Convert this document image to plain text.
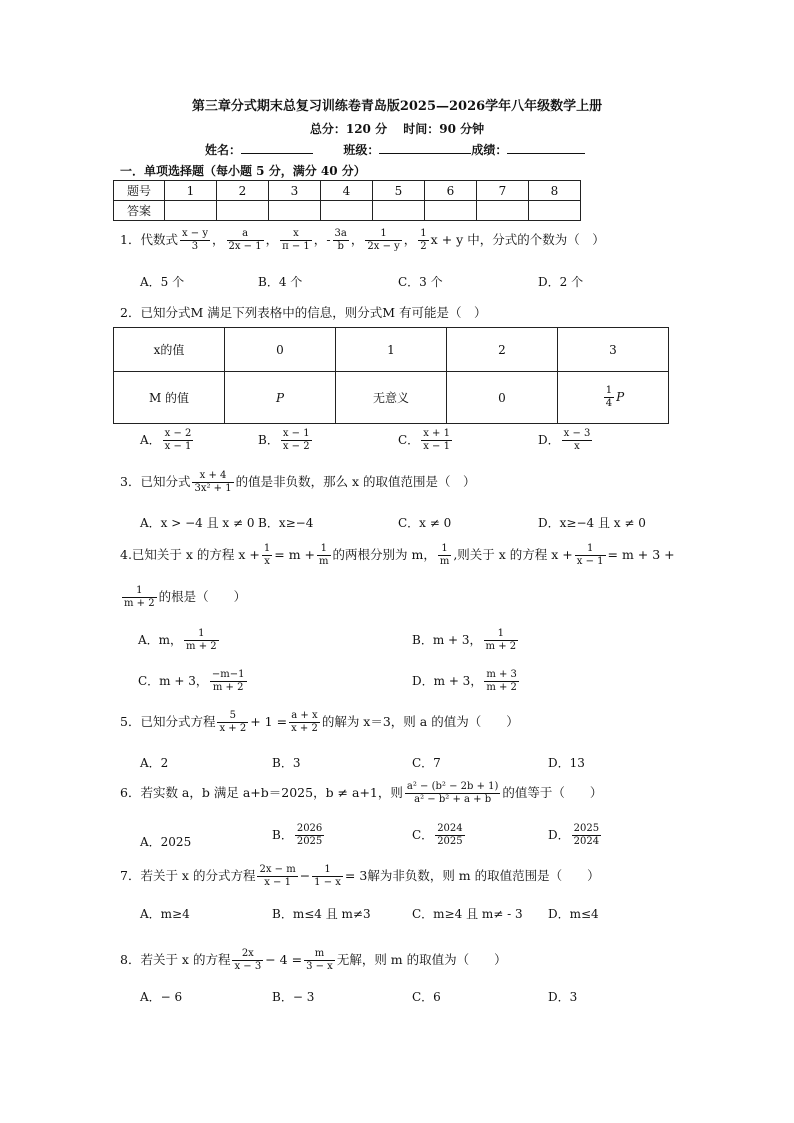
第三章分式期末总复习训练卷青岛版2025—2026学年八年级数学上册
总分：120 分　 时间：90 分钟
姓名：	班级：	成绩：
一．单项选择题（每小题 5 分，满分 40 分）
题号	1	2	3	4	5	6	7	8
答案								
1．代数式 $\frac{x - y}{3}$ ， $\frac{a}{2x - 1}$ ， $\frac{x}{\pi - 1}$ ，- $\frac{3a}{b}$ ， $\frac{1}{2x - y}$ ， $\frac{1}{2}$ x + y 中，分式的个数为（　）
A．5 个	B．4 个	C．3 个	D．2 个
2．已知分式M 满足下列表格中的信息，则分式M 有可能是（　）
x的值	0	1	2	3
M 的值	P	无意义	0	$\frac{1}{4}$ P
A． $\frac{x - 2}{x - 1}$	B． $\frac{x - 1}{x - 2}$	C． $\frac{x + 1}{x - 1}$	D． $\frac{x - 3}{x}$
3．已知分式 $\frac{x + 4}{\text{3x² + 1}}$ 的值是非负数，那么 x 的取值范围是（　）
A．x > −4 且 x ≠ 0 B．x≥−4	C．x ≠ 0	D．x≥−4 且 x ≠ 0
4.已知关于 x 的方程 $x + \frac{1}{x} = m + \frac{1}{m}$ 的两根分别为 m， $\frac{1}{m}$ ,则关于 x 的方程 $x + \frac{1}{x - 1} = m + 3$ +
$\frac{1}{m + 2}$ 的根是（　　）
A．m， $\frac{1}{m + 2}$	B．m + 3， $\frac{1}{m + 2}$
C．m + 3， $\frac{-m-1}{m + 2}$	D．m + 3， $\frac{m + 3}{m + 2}$
5．已知分式方程 $\frac{5}{x + 2} + 1 = \frac{a + x}{x + 2}$ 的解为 x＝3，则 a 的值为（　　）
A．2	B．3	C．7	D．13
6．若实数 a，b 满足 a+b＝2025，b ≠ a+1，则 $\frac{\text{a² − (b² − 2b + 1)}}{\text{a² − b² + a + b}}$ 的值等于（　　）
A．2025	B． $\frac{2026}{2025}$	C． $\frac{2024}{2025}$	D． $\frac{2025}{2024}$
7．若关于 x 的分式方程 $\frac{2x - m}{x - 1} - \frac{1}{1 - x} = 3$解为非负数，则 m 的取值范围是（　　）
A．m≥4	B．m≤4 且 m≠3	C．m≥4 且 m≠ - 3 D．m≤4
8．若关于 x 的方程 $\frac{2x}{x - 3} - 4 = \frac{m}{3 - x}$ 无解，则 m 的取值为（　　）
A．− 6	B．− 3	C．6	D．3
